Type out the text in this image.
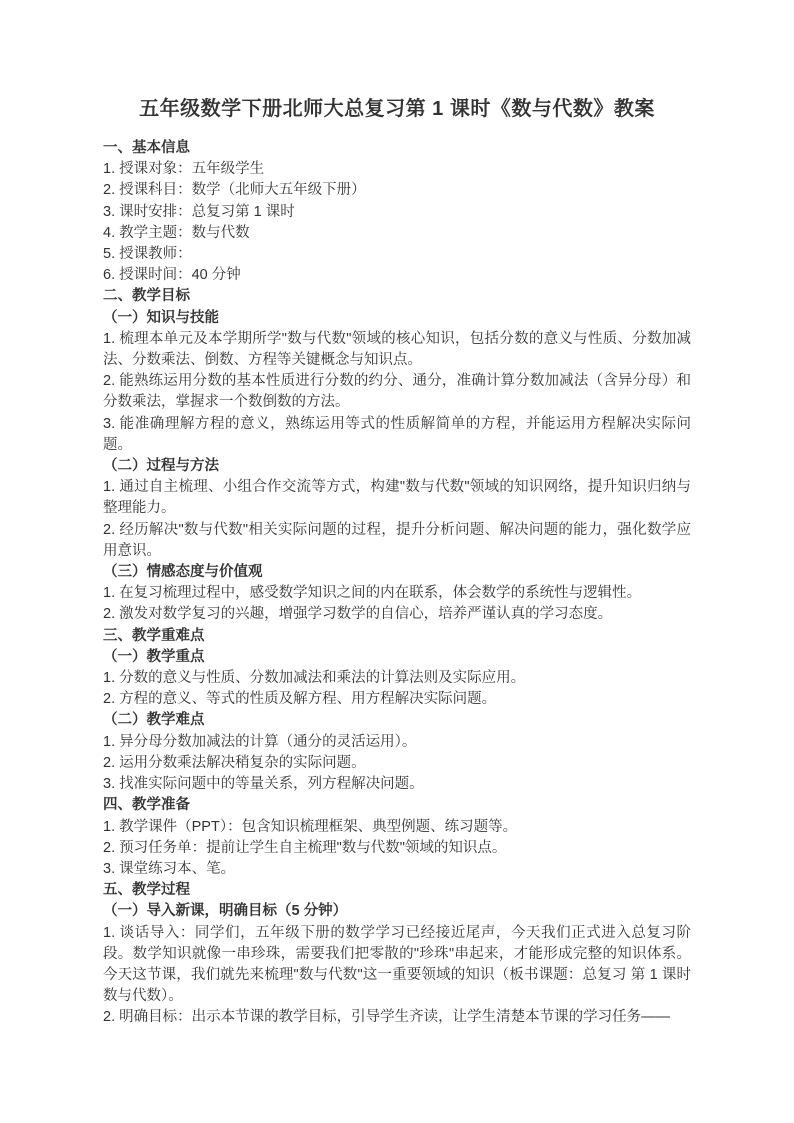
五年级数学下册北师大总复习第 1 课时《数与代数》教案

一、基本信息

1. 授课对象：五年级学生

2. 授课科目：数学（北师大五年级下册）

3. 课时安排：总复习第 1 课时

4. 教学主题：数与代数

5. 授课教师：

6. 授课时间：40 分钟

二、教学目标

（一）知识与技能

1. 梳理本单元及本学期所学"数与代数"领域的核心知识，包括分数的意义与性质、分数加减法、分数乘法、倒数、方程等关键概念与知识点。

2. 能熟练运用分数的基本性质进行分数的约分、通分，准确计算分数加减法（含异分母）和分数乘法，掌握求一个数倒数的方法。

3. 能准确理解方程的意义，熟练运用等式的性质解简单的方程，并能运用方程解决实际问题。

（二）过程与方法

1. 通过自主梳理、小组合作交流等方式，构建"数与代数"领域的知识网络，提升知识归纳与整理能力。

2. 经历解决"数与代数"相关实际问题的过程，提升分析问题、解决问题的能力，强化数学应用意识。

（三）情感态度与价值观

1. 在复习梳理过程中，感受数学知识之间的内在联系，体会数学的系统性与逻辑性。

2. 激发对数学复习的兴趣，增强学习数学的自信心，培养严谨认真的学习态度。

三、教学重难点

（一）教学重点

1. 分数的意义与性质、分数加减法和乘法的计算法则及实际应用。

2. 方程的意义、等式的性质及解方程、用方程解决实际问题。

（二）教学难点

1. 异分母分数加减法的计算（通分的灵活运用）。

2. 运用分数乘法解决稍复杂的实际问题。

3. 找准实际问题中的等量关系，列方程解决问题。

四、教学准备

1. 教学课件（PPT）：包含知识梳理框架、典型例题、练习题等。

2. 预习任务单：提前让学生自主梳理"数与代数"领域的知识点。

3. 课堂练习本、笔。

五、教学过程

（一）导入新课，明确目标（5 分钟）

1. 谈话导入：同学们，五年级下册的数学学习已经接近尾声，今天我们正式进入总复习阶段。数学知识就像一串珍珠，需要我们把零散的"珍珠"串起来，才能形成完整的知识体系。今天这节课，我们就先来梳理"数与代数"这一重要领域的知识（板书课题：总复习 第 1 课时 数与代数）。

2. 明确目标：出示本节课的教学目标，引导学生齐读，让学生清楚本节课的学习任务——
